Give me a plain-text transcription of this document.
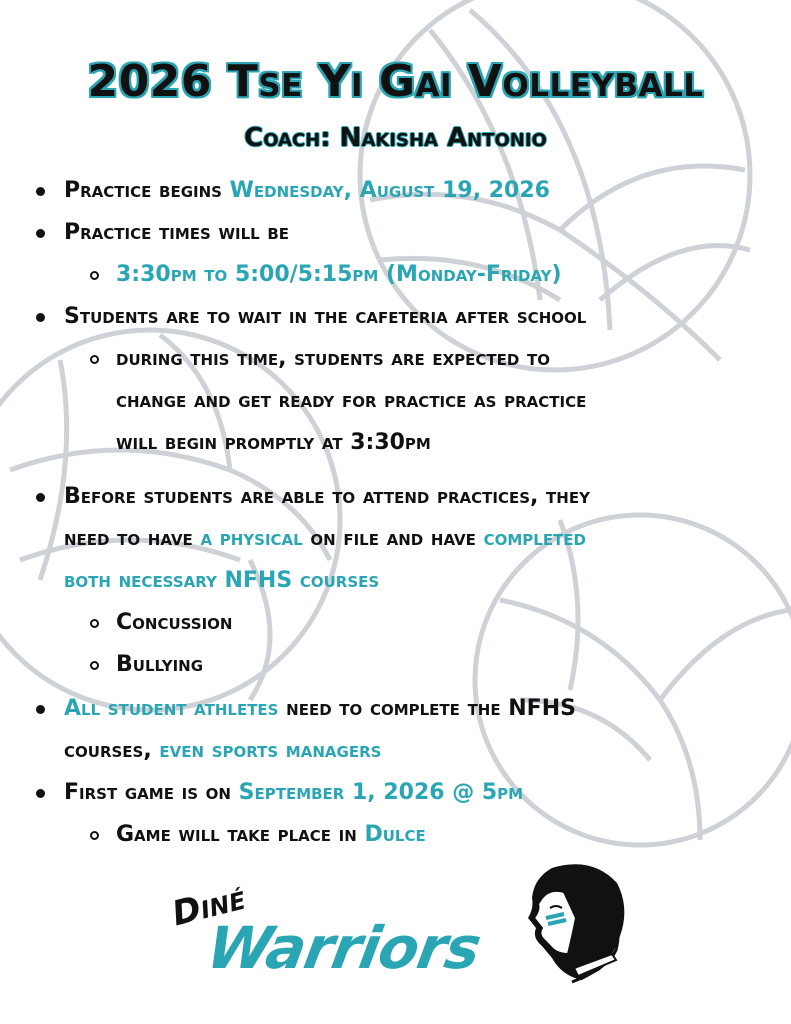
2026 Tse Yi Gai Volleyball
Coach: Nakisha Antonio
Practice begins Wednesday, August 19, 2026
Practice times will be
3:30pm to 5:00/5:15pm (Monday-Friday)
Students are to wait in the cafeteria after school
during this time, students are expected to
change and get ready for practice as practice
will begin promptly at 3:30pm
Before students are able to attend practices, they
need to have a physical on file and have completed
both necessary NFHS courses
Concussion
Bullying
All student athletes need to complete the NFHS
courses, even sports managers
First game is on September 1, 2026 @ 5pm
Game will take place in Dulce
Diné
Warriors
